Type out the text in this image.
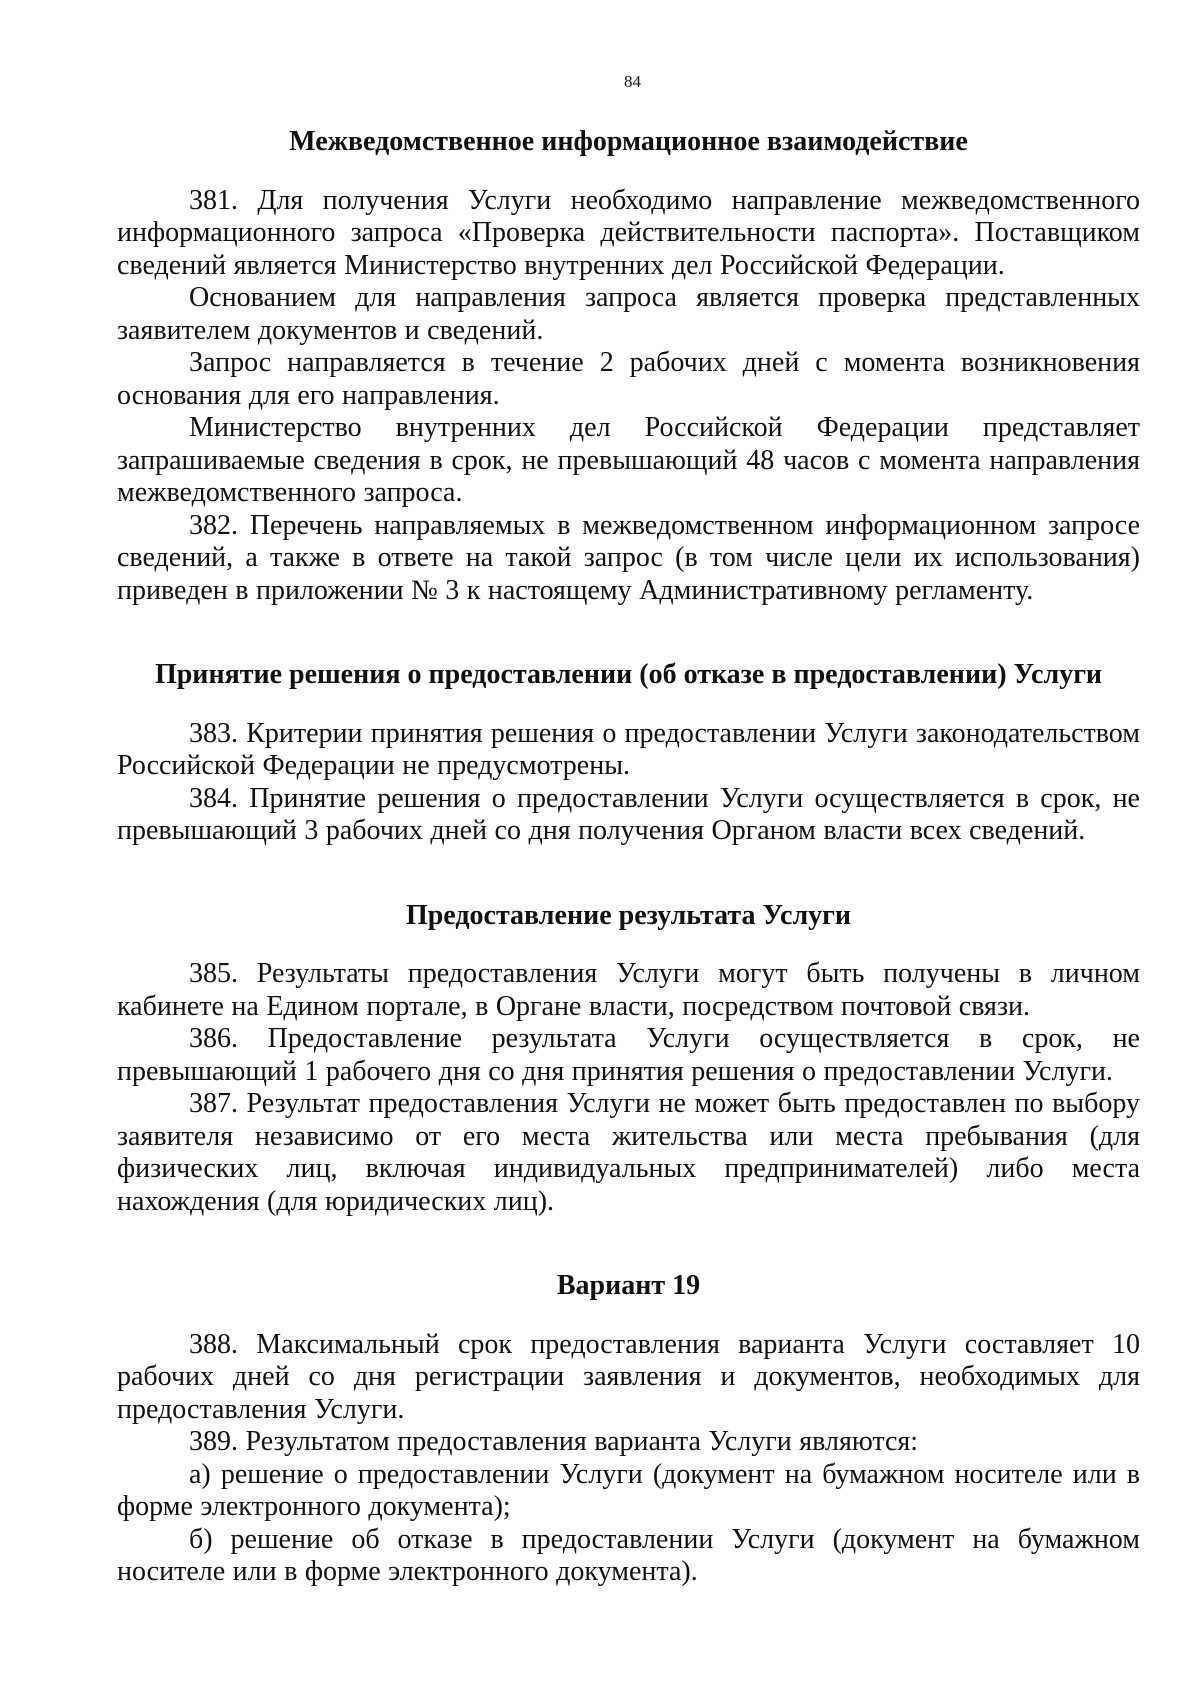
84
Межведомственное информационное взаимодействие

381. Для получения Услуги необходимо направление межведомственного информационного запроса «Проверка действительности паспорта». Поставщиком сведений является Министерство внутренних дел Российской Федерации.

Основанием для направления запроса является проверка представленных заявителем документов и сведений.

Запрос направляется в течение 2 рабочих дней с момента возникновения основания для его направления.

Министерство внутренних дел Российской Федерации представляет запрашиваемые сведения в срок, не превышающий 48 часов с момента направления межведомственного запроса.

382. Перечень направляемых в межведомственном информационном запросе сведений, а также в ответе на такой запрос (в том числе цели их использования) приведен в приложении № 3 к настоящему Административному регламенту.

Принятие решения о предоставлении (об отказе в предоставлении) Услуги

383. Критерии принятия решения о предоставлении Услуги законодательством Российской Федерации не предусмотрены.

384. Принятие решения о предоставлении Услуги осуществляется в срок, не превышающий 3 рабочих дней со дня получения Органом власти всех сведений.

Предоставление результата Услуги

385. Результаты предоставления Услуги могут быть получены в личном кабинете на Едином портале, в Органе власти, посредством почтовой связи.

386. Предоставление результата Услуги осуществляется в срок, не превышающий 1 рабочего дня со дня принятия решения о предоставлении Услуги.

387. Результат предоставления Услуги не может быть предоставлен по выбору заявителя независимо от его места жительства или места пребывания (для физических лиц, включая индивидуальных предпринимателей) либо места нахождения (для юридических лиц).

Вариант 19

388. Максимальный срок предоставления варианта Услуги составляет 10 рабочих дней со дня регистрации заявления и документов, необходимых для предоставления Услуги.

389. Результатом предоставления варианта Услуги являются:

а) решение о предоставлении Услуги (документ на бумажном носителе или в форме электронного документа);

б) решение об отказе в предоставлении Услуги (документ на бумажном носителе или в форме электронного документа).
